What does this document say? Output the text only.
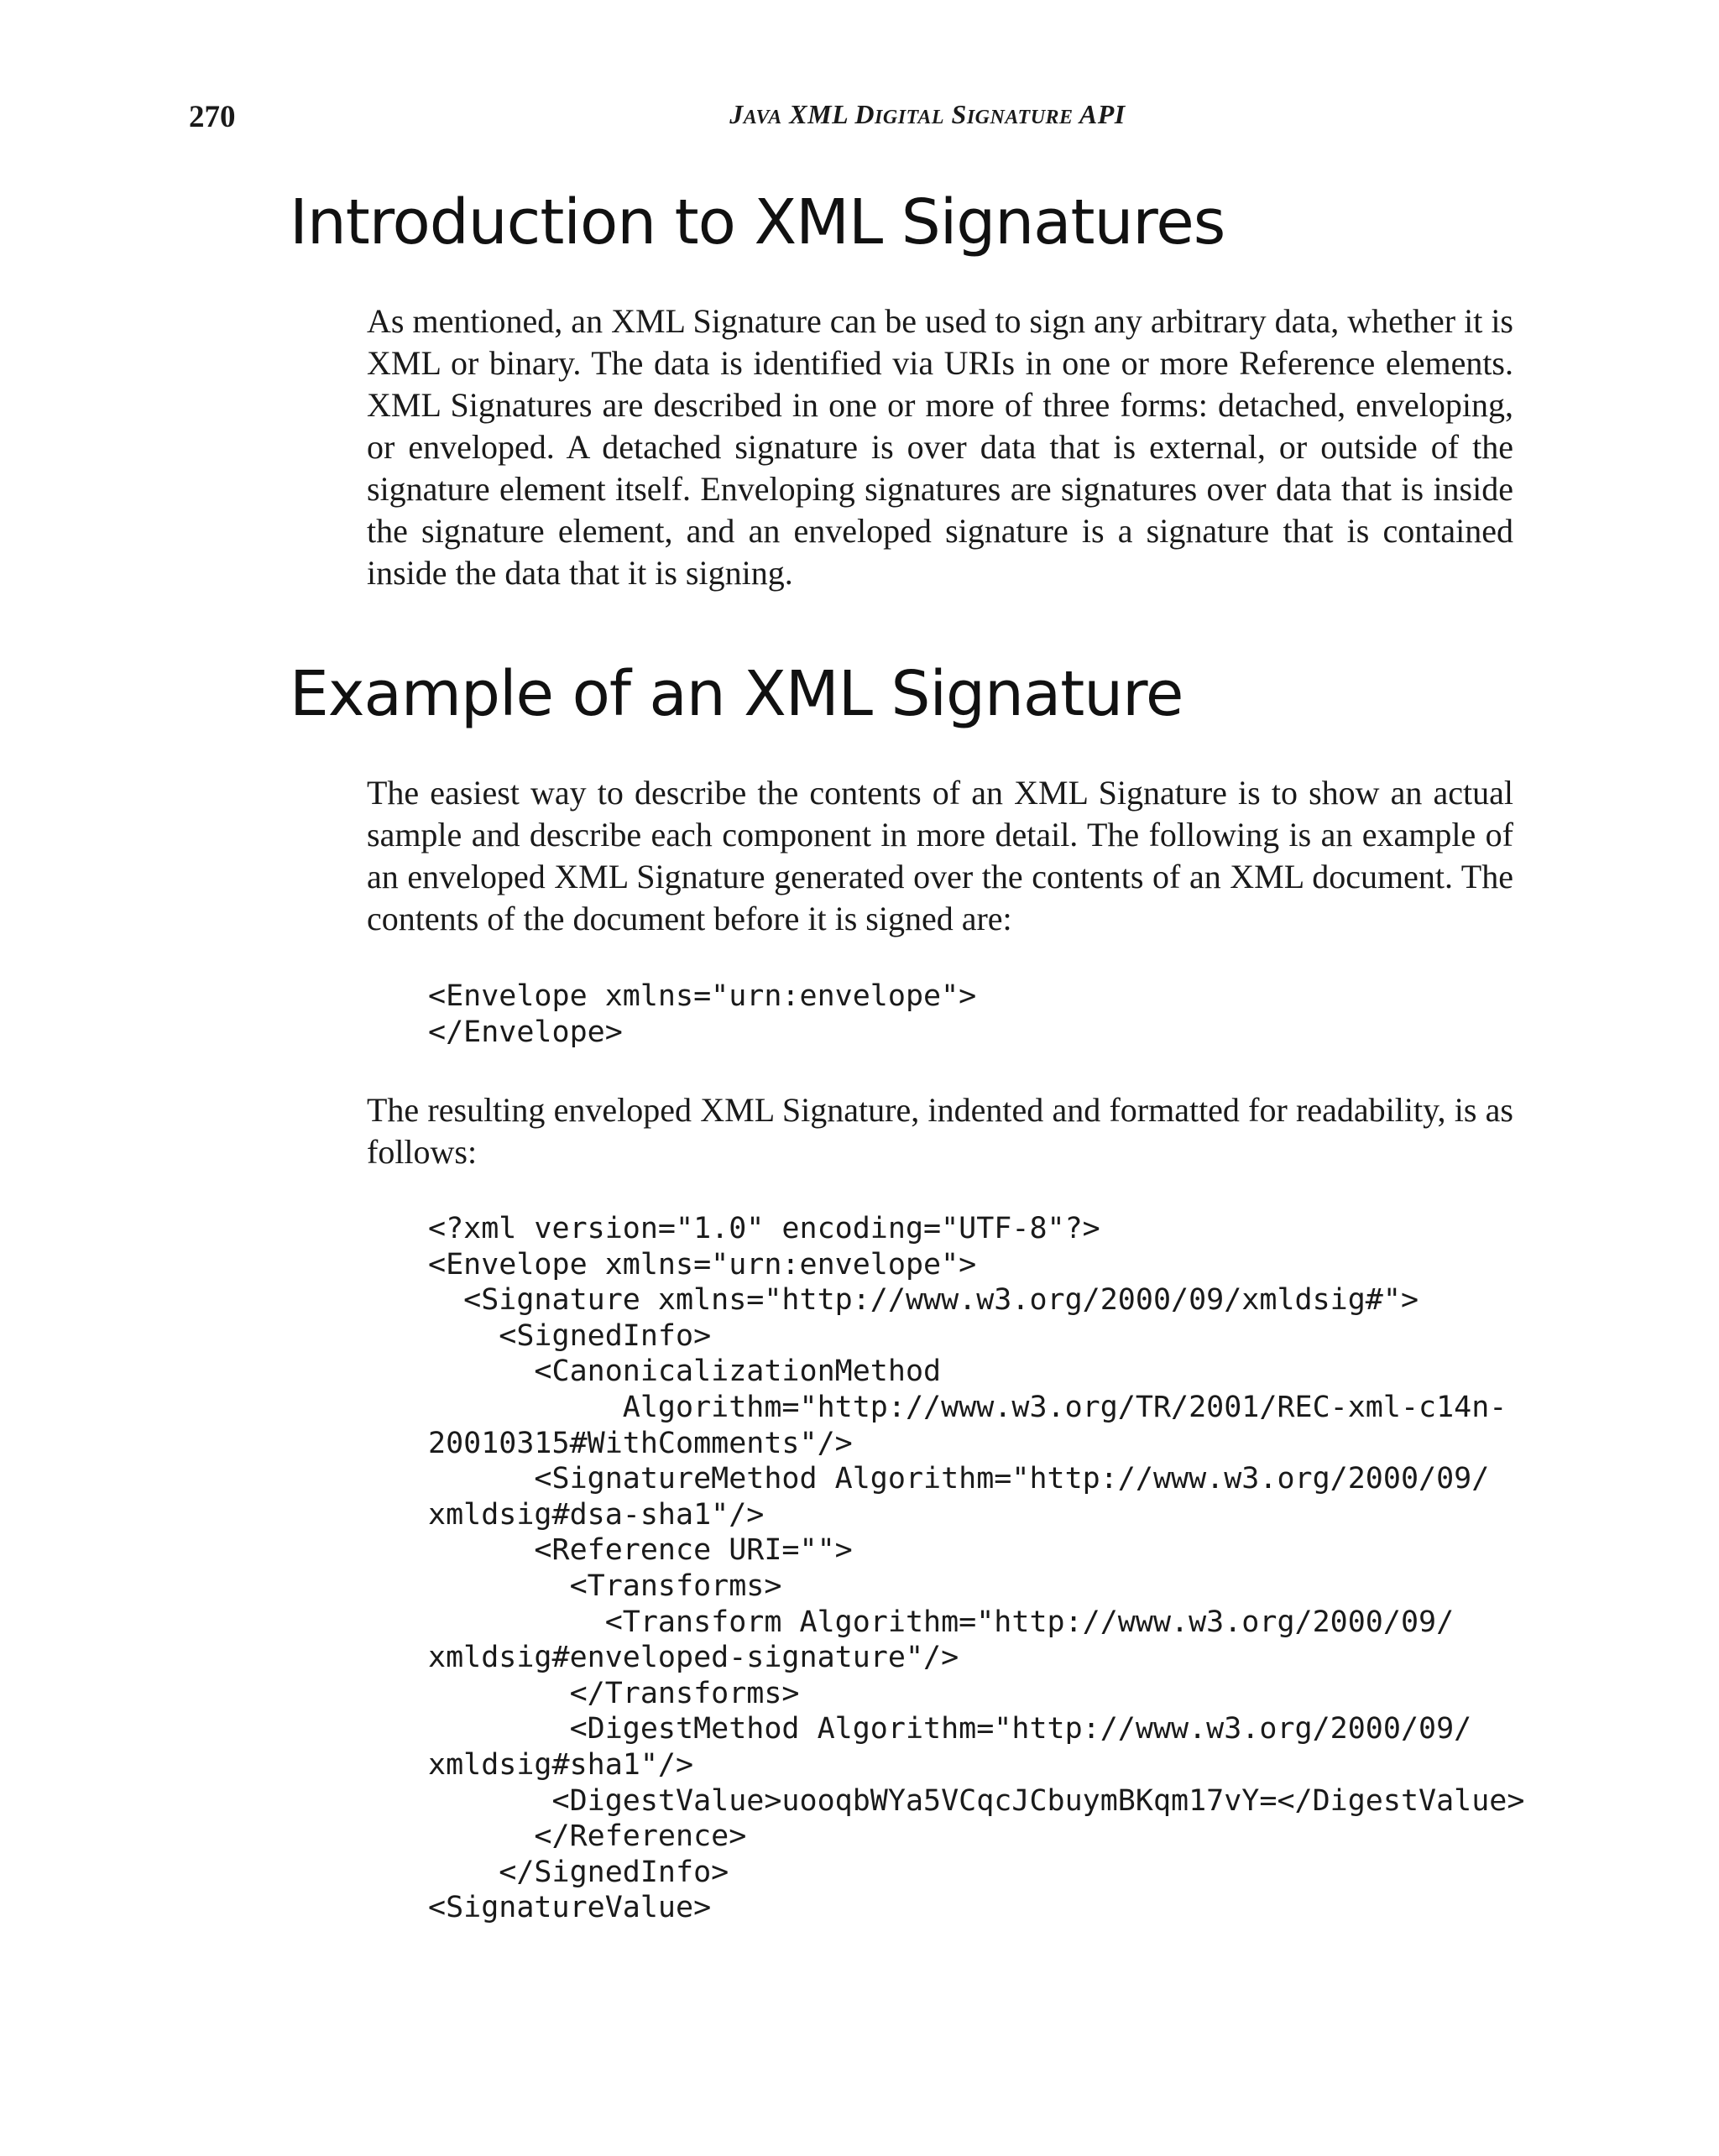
270	JAVA XML DIGITAL SIGNATURE API
Introduction to XML Signatures

As mentioned, an XML Signature can be used to sign any arbitrary data, whether it is XML or binary. The data is identified via URIs in one or more Reference elements. XML Signatures are described in one or more of three forms: detached, enveloping, or enveloped. A detached signature is over data that is external, or outside of the signature element itself. Enveloping signatures are signatures over data that is inside the signature element, and an enveloped signature is a signature that is contained inside the data that it is signing.

Example of an XML Signature

The easiest way to describe the contents of an XML Signature is to show an actual sample and describe each component in more detail. The following is an example of an enveloped XML Signature generated over the contents of an XML document. The contents of the document before it is signed are:

<Envelope xmlns="urn:envelope">
</Envelope>

The resulting enveloped XML Signature, indented and formatted for readability, is as follows:

<?xml version="1.0" encoding="UTF-8"?>
<Envelope xmlns="urn:envelope">
<Signature xmlns="http://www.w3.org/2000/09/xmldsig#">
<SignedInfo>
<CanonicalizationMethod
Algorithm="http://www.w3.org/TR/2001/REC-xml-c14n-
20010315#WithComments"/>
<SignatureMethod Algorithm="http://www.w3.org/2000/09/
xmldsig#dsa-sha1"/>
<Reference URI="">
<Transforms>
<Transform Algorithm="http://www.w3.org/2000/09/
xmldsig#enveloped-signature"/>
</Transforms>
<DigestMethod Algorithm="http://www.w3.org/2000/09/
xmldsig#sha1"/>
<DigestValue>uooqbWYa5VCqcJCbuymBKqm17vY=</DigestValue>
</Reference>
</SignedInfo>
<SignatureValue>
